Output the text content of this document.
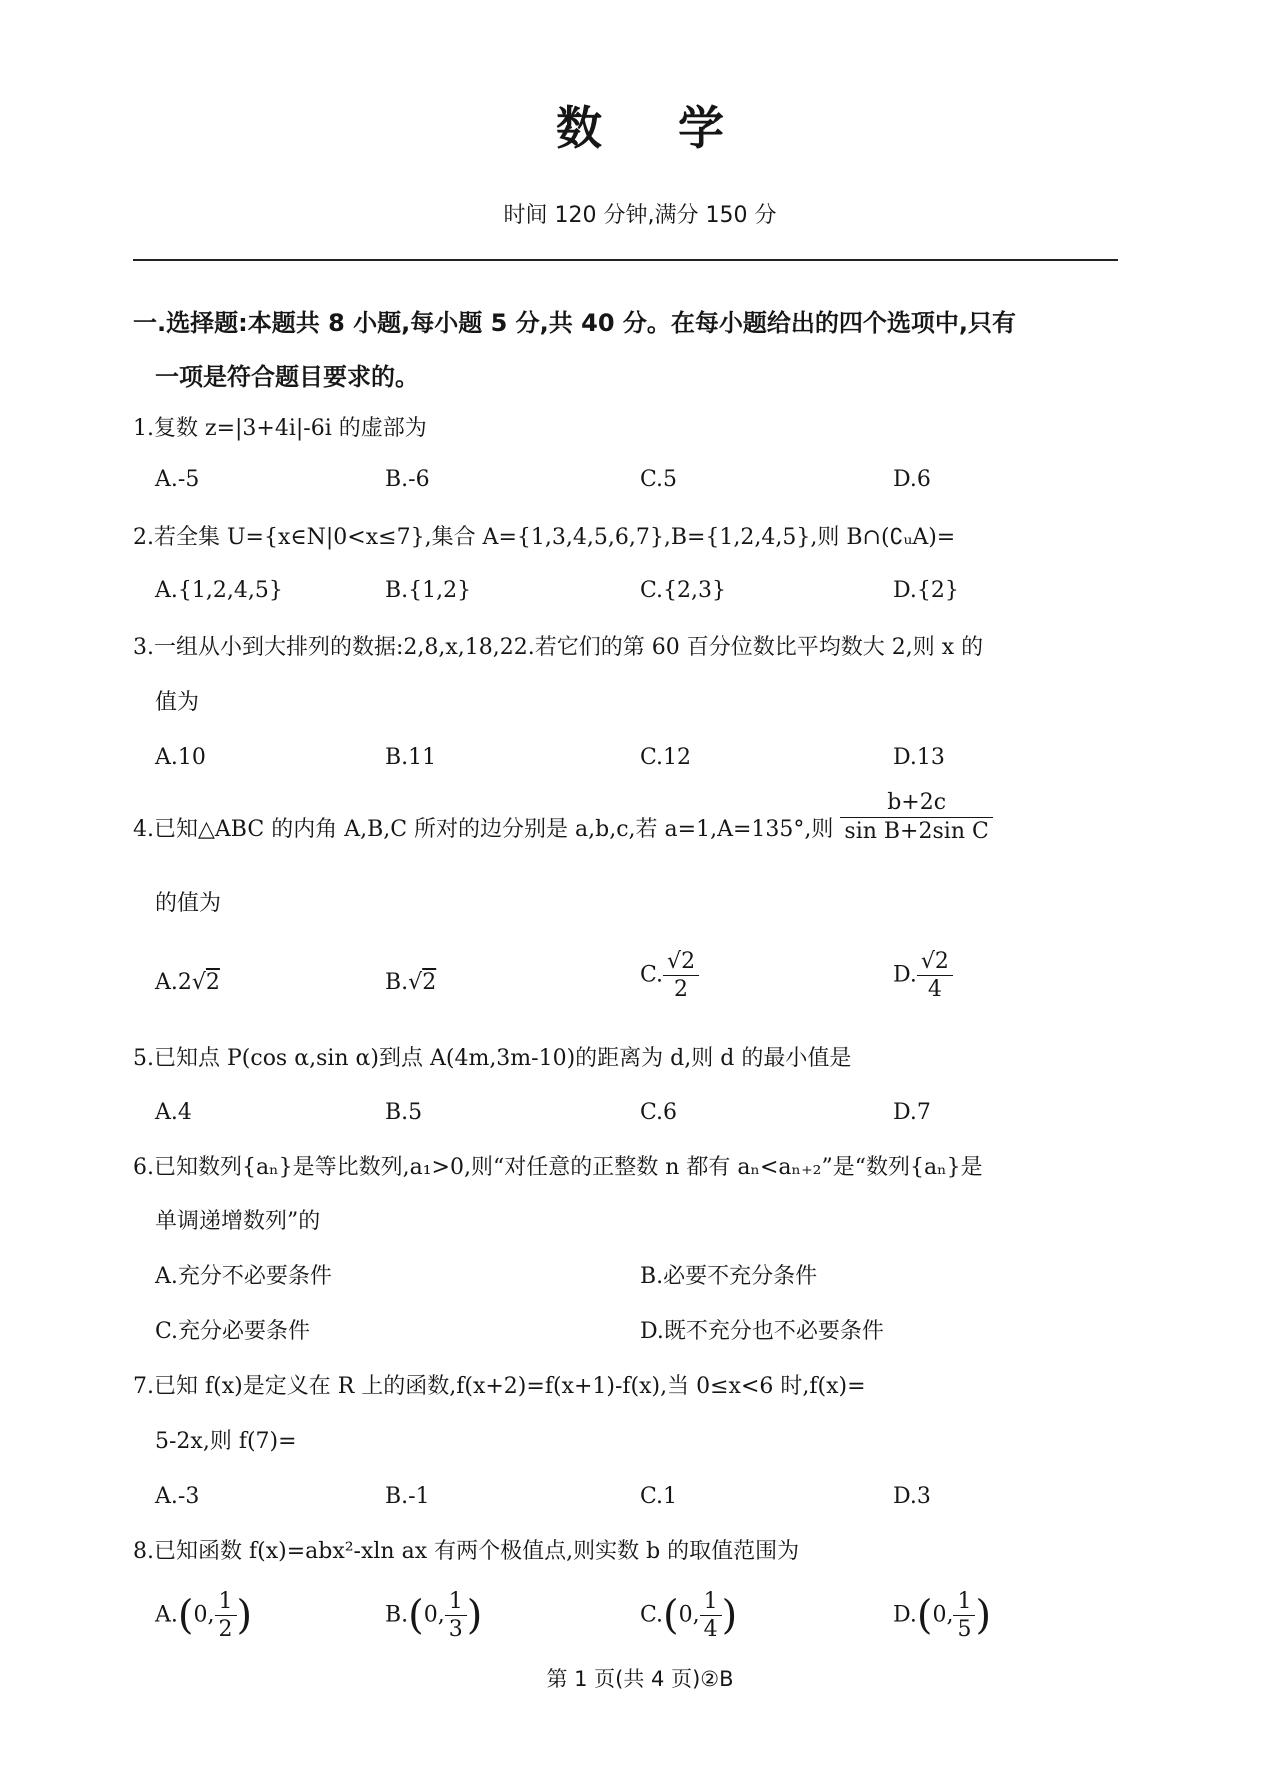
数 学
时间 120 分钟,满分 150 分
一.选择题:本题共 8 小题,每小题 5 分,共 40 分。在每小题给出的四个选项中,只有
一项是符合题目要求的。
1.复数 z=|3+4i|-6i 的虚部为
A.-5	B.-6	C.5	D.6
2.若全集 U={x∈N|0<x≤7},集合 A={1,3,4,5,6,7},B={1,2,4,5},则 B∩(∁ᵤA)=
A.{1,2,4,5}	B.{1,2}	C.{2,3}	D.{2}
3.一组从小到大排列的数据:2,8,x,18,22.若它们的第 60 百分位数比平均数大 2,则 x 的
值为
A.10	B.11	C.12	D.13
4.已知△ABC 的内角 A,B,C 所对的边分别是 a,b,c,若 a=1,A=135°,则 $\frac{b+2c}{\text{sin B+2sin C}}$
的值为
A.2√2	B.√2	C. $\frac{√2}{2}$	D. $\frac{√2}{4}$
5.已知点 P(cos α,sin α)到点 A(4m,3m-10)的距离为 d,则 d 的最小值是
A.4	B.5	C.6	D.7
6.已知数列{aₙ}是等比数列,a₁>0,则“对任意的正整数 n 都有 aₙ<aₙ₊₂”是“数列{aₙ}是
单调递增数列”的
A.充分不必要条件	B.必要不充分条件
C.充分必要条件	D.既不充分也不必要条件
7.已知 f(x)是定义在 R 上的函数,f(x+2)=f(x+1)-f(x),当 0≤x<6 时,f(x)=
5-2x,则 f(7)=
A.-3	B.-1	C.1	D.3
8.已知函数 f(x)=abx²-xln ax 有两个极值点,则实数 b 的取值范围为
A.(0, $\frac{1}{2}$ )	B.(0, $\frac{1}{3}$ )	C.(0, $\frac{1}{4}$ )	D.(0, $\frac{1}{5}$ )
第 1 页(共 4 页)②B
